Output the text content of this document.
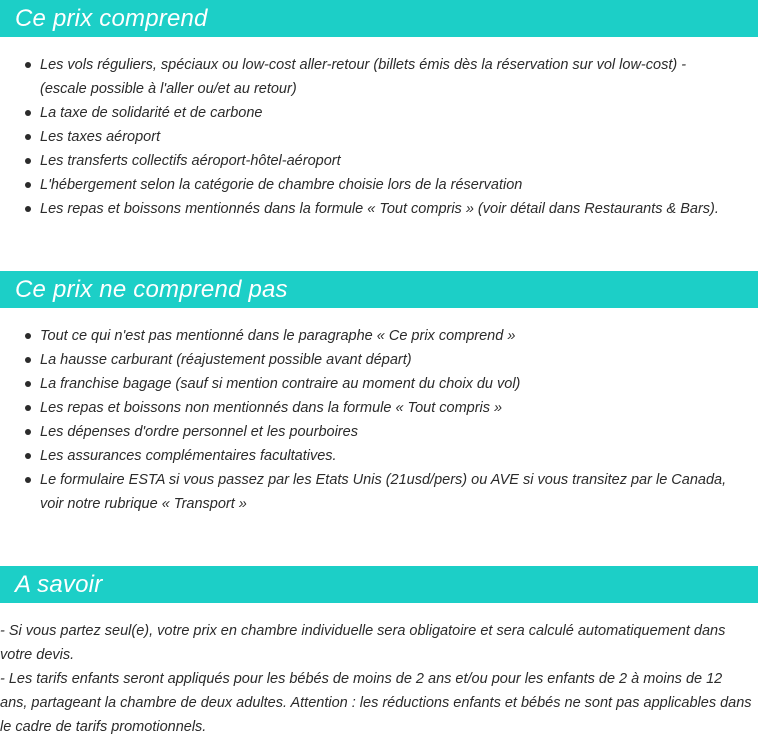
Ce prix comprend
Les vols réguliers, spéciaux ou low-cost aller-retour (billets émis dès la réservation sur vol low-cost) - (escale possible à l'aller ou/et au retour)
La taxe de solidarité et de carbone
Les taxes aéroport
Les transferts collectifs aéroport-hôtel-aéroport
L'hébergement selon la catégorie de chambre choisie lors de la réservation
Les repas et boissons mentionnés dans la formule « Tout compris » (voir détail dans Restaurants & Bars).
Ce prix ne comprend pas
Tout ce qui n'est pas mentionné dans le paragraphe « Ce prix comprend »
La hausse carburant (réajustement possible avant départ)
La franchise bagage (sauf si mention contraire au moment du choix du vol)
Les repas et boissons non mentionnés dans la formule « Tout compris »
Les dépenses d'ordre personnel et les pourboires
Les assurances complémentaires facultatives.
Le formulaire ESTA si vous passez par les Etats Unis (21usd/pers) ou AVE si vous transitez par le Canada, voir notre rubrique « Transport »
A savoir

- Si vous partez seul(e), votre prix en chambre individuelle sera obligatoire et sera calculé automatiquement dans votre devis.

- Les tarifs enfants seront appliqués pour les bébés de moins de 2 ans et/ou pour les enfants de 2 à moins de 12 ans, partageant la chambre de deux adultes. Attention : les réductions enfants et bébés ne sont pas applicables dans le cadre de tarifs promotionnels.
